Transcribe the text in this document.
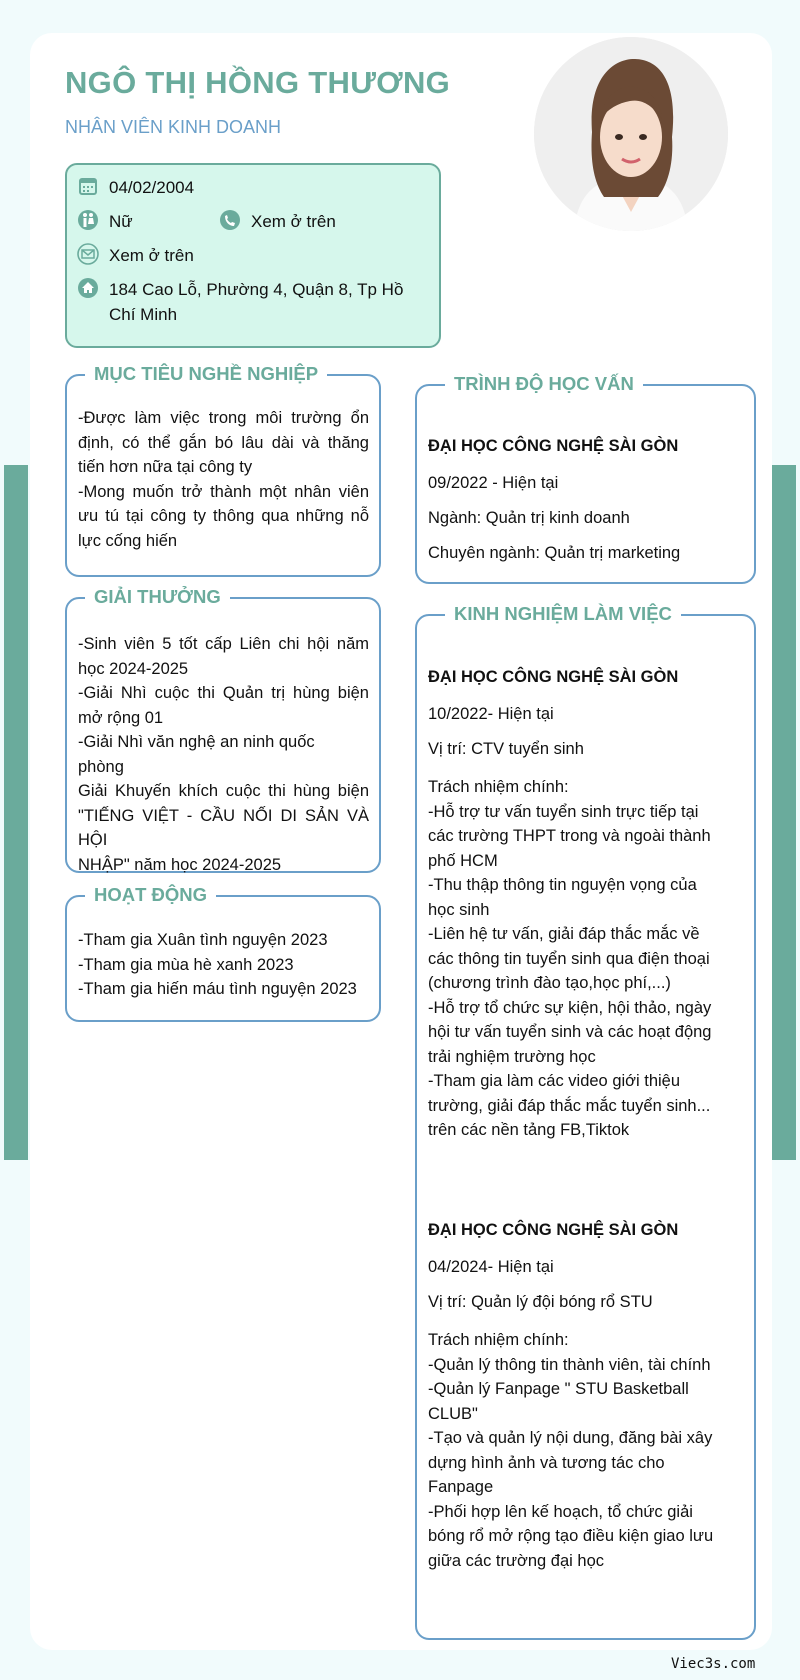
NGÔ THỊ HỒNG THƯƠNG
NHÂN VIÊN KINH DOANH
04/02/2004
Nữ	Xem ở trên
Xem ở trên
184 Cao Lỗ, Phường 4, Quận 8, Tp Hồ
Chí Minh
MỤC TIÊU NGHỀ NGHIỆP
-Được làm việc trong môi trường ổn
định, có thể gắn bó lâu dài và thăng
tiến hơn nữa tại công ty
-Mong muốn trở thành một nhân viên
ưu tú tại công ty thông qua những nỗ
lực cống hiến
GIẢI THƯỞNG
-Sinh viên 5 tốt cấp Liên chi hội năm
học 2024-2025
-Giải Nhì cuộc thi Quản trị hùng biện
mở rộng 01
-Giải Nhì văn nghệ an ninh quốc
phòng
Giải Khuyến khích cuộc thi hùng biện
"TIẾNG VIỆT - CẦU NỐI DI SẢN VÀ HỘI
NHẬP" năm học 2024-2025
HOẠT ĐỘNG
-Tham gia Xuân tình nguyện 2023
-Tham gia mùa hè xanh 2023
-Tham gia hiến máu tình nguyện 2023
TRÌNH ĐỘ HỌC VẤN
ĐẠI HỌC CÔNG NGHỆ SÀI GÒN
09/2022 - Hiện tại
Ngành: Quản trị kinh doanh
Chuyên ngành: Quản trị marketing
KINH NGHIỆM LÀM VIỆC
ĐẠI HỌC CÔNG NGHỆ SÀI GÒN
10/2022- Hiện tại
Vị trí: CTV tuyển sinh
Trách nhiệm chính:
-Hỗ trợ tư vấn tuyển sinh trực tiếp tại
các trường THPT trong và ngoài thành
phố HCM
-Thu thập thông tin nguyện vọng của
học sinh
-Liên hệ tư vấn, giải đáp thắc mắc về
các thông tin tuyển sinh qua điện thoại
(chương trình đào tạo,học phí,...)
-Hỗ trợ tổ chức sự kiện, hội thảo, ngày
hội tư vấn tuyển sinh và các hoạt động
trải nghiệm trường học
-Tham gia làm các video giới thiệu
trường, giải đáp thắc mắc tuyển sinh...
trên các nền tảng FB,Tiktok
ĐẠI HỌC CÔNG NGHỆ SÀI GÒN
04/2024- Hiện tại
Vị trí: Quản lý đội bóng rổ STU
Trách nhiệm chính:
-Quản lý thông tin thành viên, tài chính
-Quản lý Fanpage " STU Basketball
CLUB"
-Tạo và quản lý nội dung, đăng bài xây
dựng hình ảnh và tương tác cho
Fanpage
-Phối hợp lên kế hoạch, tổ chức giải
bóng rổ mở rộng tạo điều kiện giao lưu
giữa các trường đại học
Viec3s.com
